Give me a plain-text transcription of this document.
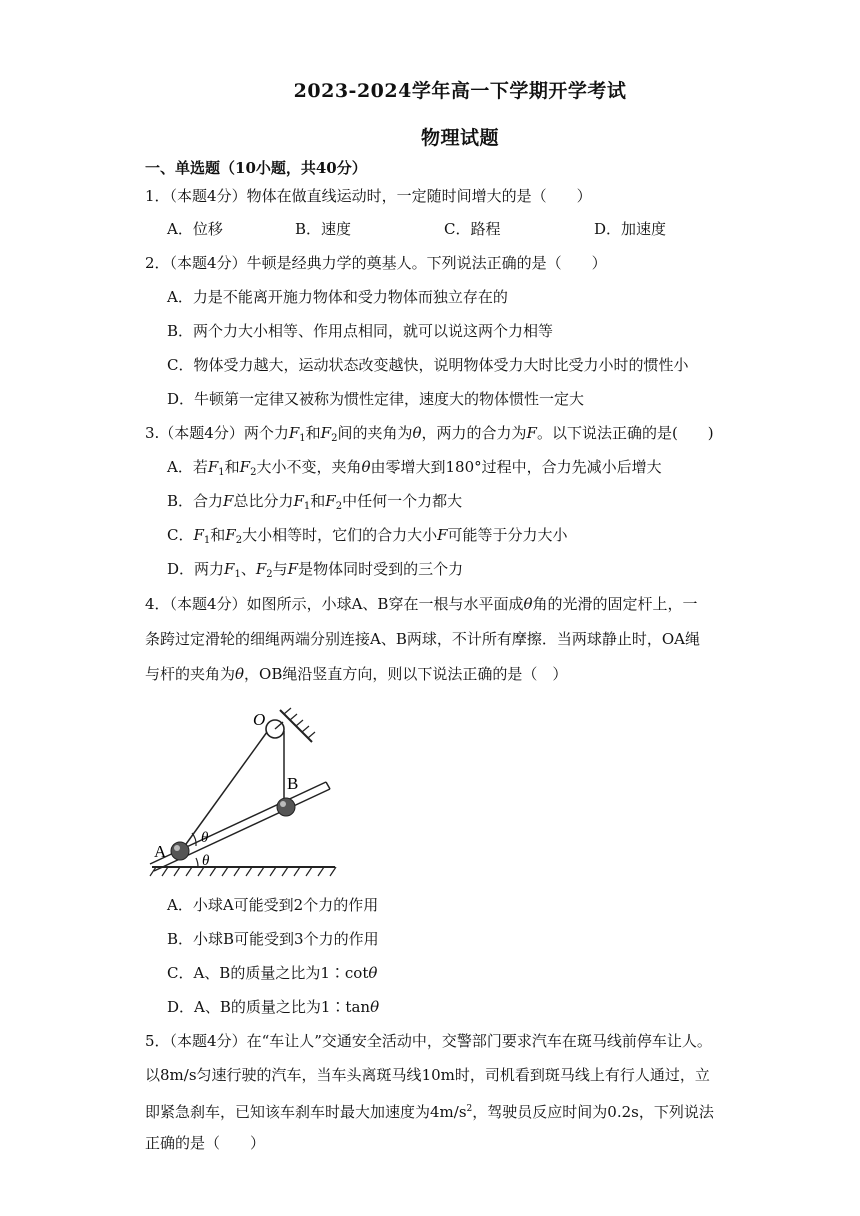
2023-2024学年高一下学期开学考试
物理试题
一、单选题（10小题，共40分）
1．（本题4分）物体在做直线运动时，一定随时间增大的是（　　）
A．位移	B．速度	C．路程	D．加速度
2．（本题4分）牛顿是经典力学的奠基人。下列说法正确的是（　　）
A．力是不能离开施力物体和受力物体而独立存在的
B．两个力大小相等、作用点相同，就可以说这两个力相等
C．物体受力越大，运动状态改变越快，说明物体受力大时比受力小时的惯性小
D．牛顿第一定律又被称为惯性定律，速度大的物体惯性一定大
3.（本题4分）两个力$F_1$和$F_2$间的夹角为θ，两力的合力为F。以下说法正确的是(　　)
A．若$F_1$和$F_2$大小不变，夹角θ由零增大到180°过程中，合力先减小后增大
B．合力F总比分力$F_1$和$F_2$中任何一个力都大
C．$F_1$和$F_2$大小相等时，它们的合力大小F可能等于分力大小
D．两力$F_1$、$F_2$与F是物体同时受到的三个力
4．（本题4分）如图所示，小球A、B穿在一根与水平面成θ角的光滑的固定杆上，一
条跨过定滑轮的细绳两端分别连接A、B两球，不计所有摩擦．当两球静止时，OA绳
与杆的夹角为θ，OB绳沿竖直方向，则以下说法正确的是（　）
O
B
A
θ
θ
A．小球A可能受到2个力的作用
B．小球B可能受到3个力的作用
C．A、B的质量之比为1∶cotθ
D．A、B的质量之比为1∶tanθ
5．（本题4分）在“车让人”交通安全活动中，交警部门要求汽车在斑马线前停车让人。
以8m/s匀速行驶的汽车，当车头离斑马线10m时，司机看到斑马线上有行人通过，立
即紧急刹车，已知该车刹车时最大加速度为$4m/s^2$，驾驶员反应时间为0.2s，下列说法
正确的是（　　）
